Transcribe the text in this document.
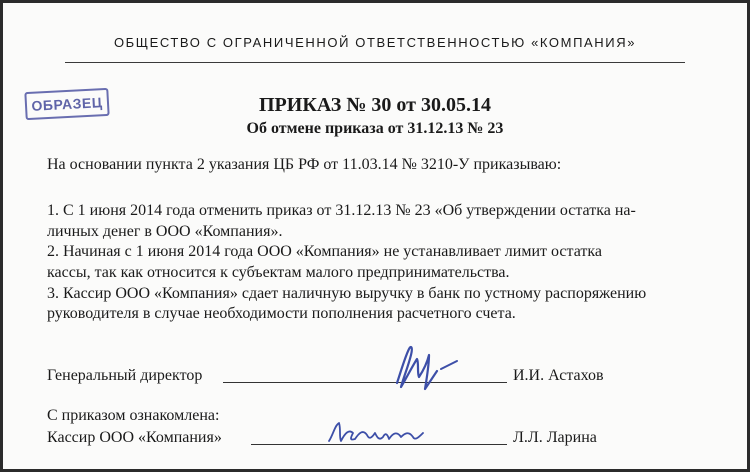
ОБЩЕСТВО С ОГРАНИЧЕННОЙ ОТВЕТСТВЕННОСТЬЮ «КОМПАНИЯ»
ОБРАЗЕЦ	ПРИКАЗ № 30 от 30.05.14
Об отмене приказа от 31.12.13 № 23
На основании пункта 2 указания ЦБ РФ от 11.03.14 № 3210-У приказываю:
1. С 1 июня 2014 года отменить приказ от 31.12.13 № 23 «Об утверждении остатка на-
личных денег в ООО «Компания».
2. Начиная с 1 июня 2014 года ООО «Компания» не устанавливает лимит остатка
кассы, так как относится к субъектам малого предпринимательства.
3. Кассир ООО «Компания» сдает наличную выручку в банк по устному распоряжению
руководителя в случае необходимости пополнения расчетного счета.
Генеральный директор	И.И. Астахов
С приказом ознакомлена:
Кассир ООО «Компания»	Л.Л. Ларина
